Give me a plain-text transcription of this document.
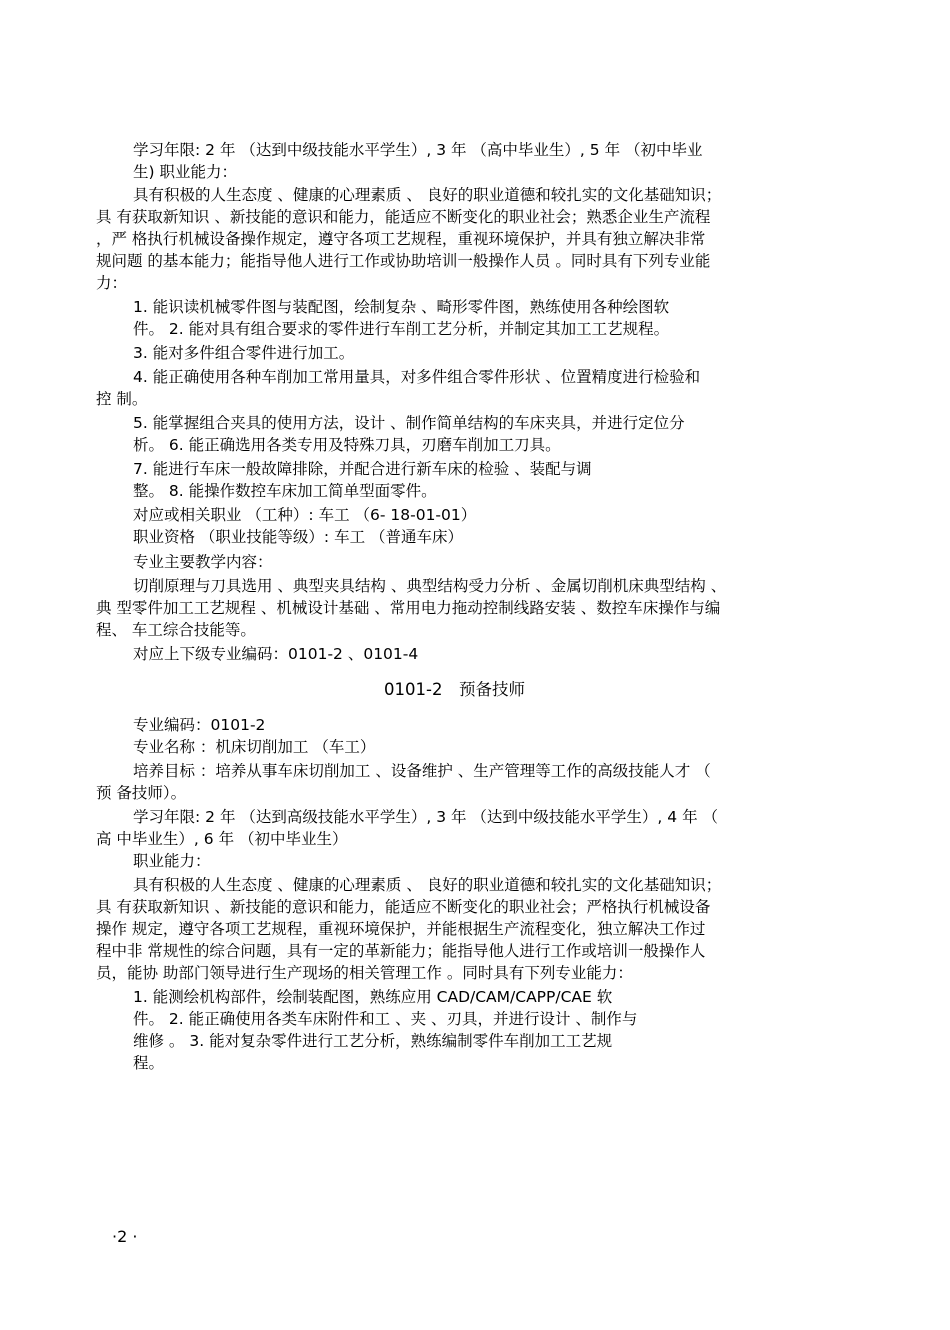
学习年限: 2 年 （达到中级技能水平学生）, 3 年 （高中毕业生）, 5 年 （初中毕业

生) 职业能力：

具有积极的人生态度 、健康的心理素质 、 良好的职业道德和较扎实的文化基础知识；

具 有获取新知识 、新技能的意识和能力，能适应不断变化的职业社会；熟悉企业生产流程

，严 格执行机械设备操作规定，遵守各项工艺规程，重视环境保护，并具有独立解决非常

规问题 的基本能力；能指导他人进行工作或协助培训一般操作人员 。同时具有下列专业能

力：

1. 能识读机械零件图与装配图，绘制复杂 、畸形零件图，熟练使用各种绘图软

件。 2. 能对具有组合要求的零件进行车削工艺分析，并制定其加工工艺规程。

3. 能对多件组合零件进行加工。

4. 能正确使用各种车削加工常用量具，对多件组合零件形状 、位置精度进行检验和

控 制。

5. 能掌握组合夹具的使用方法，设计 、制作简单结构的车床夹具，并进行定位分

析。 6. 能正确选用各类专用及特殊刀具，刃磨车削加工刀具。

7. 能进行车床一般故障排除，并配合进行新车床的检验 、装配与调

整。 8. 能操作数控车床加工简单型面零件。

对应或相关职业 （工种）: 车工 （6- 18-01-01）

职业资格 （职业技能等级）: 车工 （普通车床）

专业主要教学内容：

切削原理与刀具选用 、典型夹具结构 、典型结构受力分析 、金属切削机床典型结构 、

典 型零件加工工艺规程 、机械设计基础 、常用电力拖动控制线路安装 、数控车床操作与编

程、 车工综合技能等。

对应上下级专业编码：0101-2 、0101-4

0101-2　预备技师

专业编码：0101-2

专业名称 ：机床切削加工 （车工）

培养目标 ：培养从事车床切削加工 、设备维护 、生产管理等工作的高级技能人才 （

预 备技师）。

学习年限: 2 年 （达到高级技能水平学生）, 3 年 （达到中级技能水平学生）, 4 年 （

高 中毕业生）, 6 年 （初中毕业生）

职业能力：

具有积极的人生态度 、健康的心理素质 、 良好的职业道德和较扎实的文化基础知识；

具 有获取新知识 、新技能的意识和能力，能适应不断变化的职业社会；严格执行机械设备

操作 规定，遵守各项工艺规程，重视环境保护，并能根据生产流程变化，独立解决工作过

程中非 常规性的综合问题，具有一定的革新能力；能指导他人进行工作或培训一般操作人

员，能协 助部门领导进行生产现场的相关管理工作 。同时具有下列专业能力：

1. 能测绘机构部件，绘制装配图，熟练应用 CAD/CAM/CAPP/CAE 软

件。 2. 能正确使用各类车床附件和工 、夹 、刃具，并进行设计 、制作与

维修 。 3. 能对复杂零件进行工艺分析，熟练编制零件车削加工工艺规

程。

·2 ·
